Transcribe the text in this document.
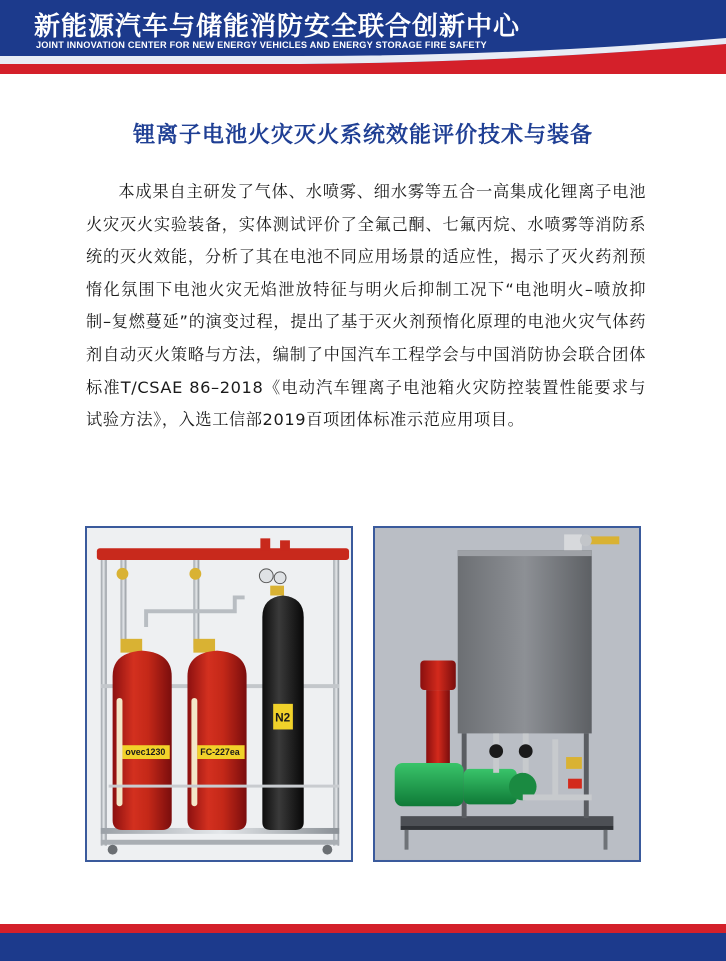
新能源汽车与储能消防安全联合创新中心
JOINT INNOVATION CENTER FOR NEW ENERGY VEHICLES AND ENERGY STORAGE FIRE SAFETY
锂离子电池火灾灭火系统效能评价技术与装备

本成果自主研发了气体、水喷雾、细水雾等五合一高集成化锂离子电池火灾灭火实验装备，实体测试评价了全氟己酮、七氟丙烷、水喷雾等消防系统的灭火效能，分析了其在电池不同应用场景的适应性，揭示了灭火药剂预惰化氛围下电池火灾无焰泄放特征与明火后抑制工况下“电池明火–喷放抑制–复燃蔓延”的演变过程，提出了基于灭火剂预惰化原理的电池火灾气体药剂自动灭火策略与方法，编制了中国汽车工程学会与中国消防协会联合团体标准T/CSAE 86–2018《电动汽车锂离子电池箱火灾防控装置性能要求与试验方法》，入选工信部2019百项团体标准示范应用项目。

ovec1230	FC-227ea
N2
